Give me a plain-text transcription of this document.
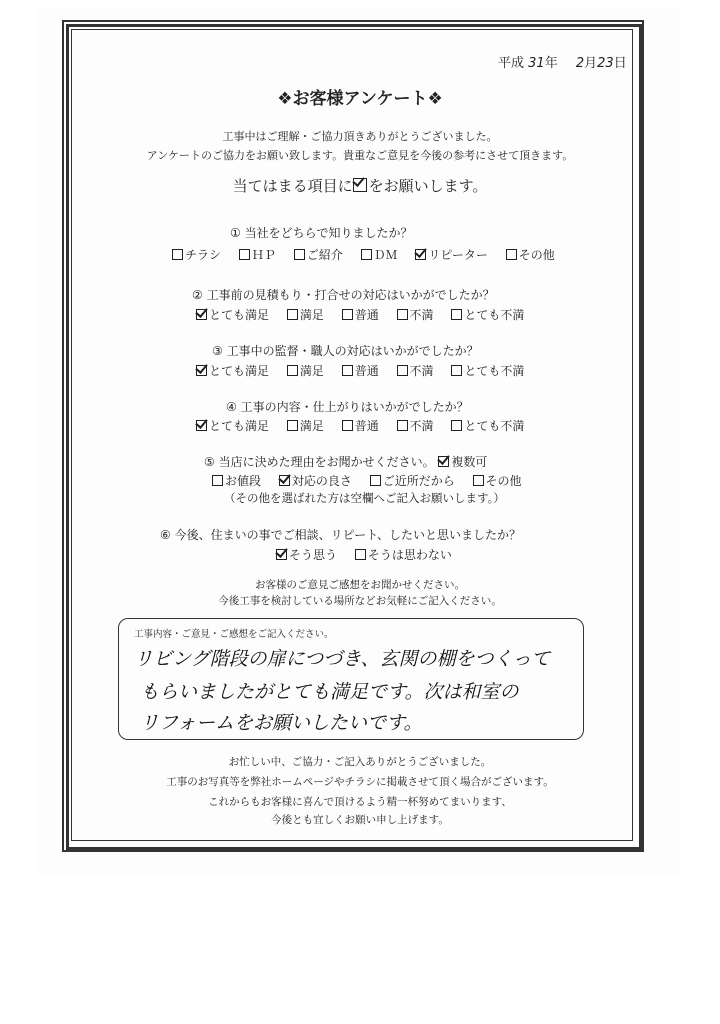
平成 31年 2月23日
❖お客様アンケート❖
工事中はご理解・ご協力頂きありがとうございました。
アンケートのご協力をお願い致します。貴重なご意見を今後の参考にさせて頂きます。
当てはまる項目に をお願いします。
① 当社をどちらで知りましたか？
チラシ	ＨＰ	ご紹介	ＤＭ	リピーター	その他
② 工事前の見積もり・打合せの対応はいかがでしたか？
とても満足	満足	普通	不満	とても不満
③ 工事中の監督・職人の対応はいかがでしたか？
とても満足	満足	普通	不満	とても不満
④ 工事の内容・仕上がりはいかがでしたか？
とても満足	満足	普通	不満	とても不満
⑤ 当店に決めた理由をお聞かせください。 複数可
お値段	対応の良さ	ご近所だから	その他
（その他を選ばれた方は空欄へご記入お願いします。）
⑥ 今後、住まいの事でご相談、リピート、したいと思いましたか？
そう思う	そうは思わない
お客様のご意見ご感想をお聞かせください。
今後工事を検討している場所などお気軽にご記入ください。
工事内容・ご意見・ご感想をご記入ください。
リビング階段の扉につづき、玄関の棚をつくって
もらいましたがとても満足です。次は和室の
リフォームをお願いしたいです。
お忙しい中、ご協力・ご記入ありがとうございました。
工事のお写真等を弊社ホームページやチラシに掲載させて頂く場合がございます。
これからもお客様に喜んで頂けるよう精一杯努めてまいります、
今後とも宜しくお願い申し上げます。
